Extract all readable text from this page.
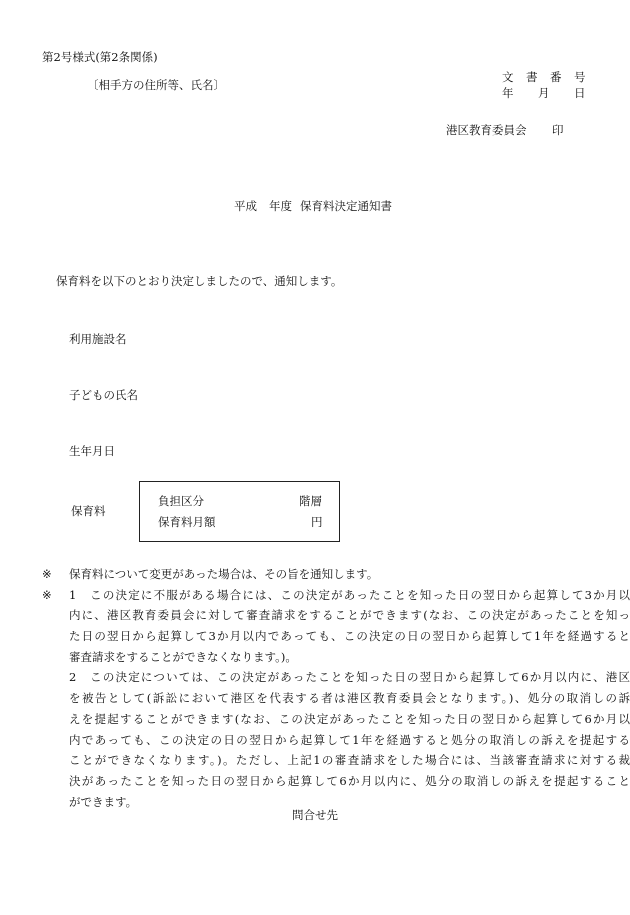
第2号様式(第2条関係)
〔相手方の住所等、氏名〕
文 書 番 号
年 月 日
港区教育委員会 印
平成 年度 保育料決定通知書
保育料を以下のとおり決定しましたので、通知します。
利用施設名
子どもの氏名
生年月日
保育料
負担区分	階層
保育料月額	円
※ 保育料について変更があった場合は、その旨を通知します。
※ 1 この決定に不服がある場合には、この決定があったことを知った日の翌日から起算して3か月以
内に、港区教育委員会に対して審査請求をすることができます(なお、この決定があったことを知っ
た日の翌日から起算して3か月以内であっても、この決定の日の翌日から起算して1年を経過すると
審査請求をすることができなくなります。)。
2 この決定については、この決定があったことを知った日の翌日から起算して6か月以内に、港区
を被告として(訴訟において港区を代表する者は港区教育委員会となります。)、処分の取消しの訴
えを提起することができます(なお、この決定があったことを知った日の翌日から起算して6か月以
内であっても、この決定の日の翌日から起算して1年を経過すると処分の取消しの訴えを提起する
ことができなくなります。)。ただし、上記1の審査請求をした場合には、当該審査請求に対する裁
決があったことを知った日の翌日から起算して6か月以内に、処分の取消しの訴えを提起すること
ができます。
問合せ先
